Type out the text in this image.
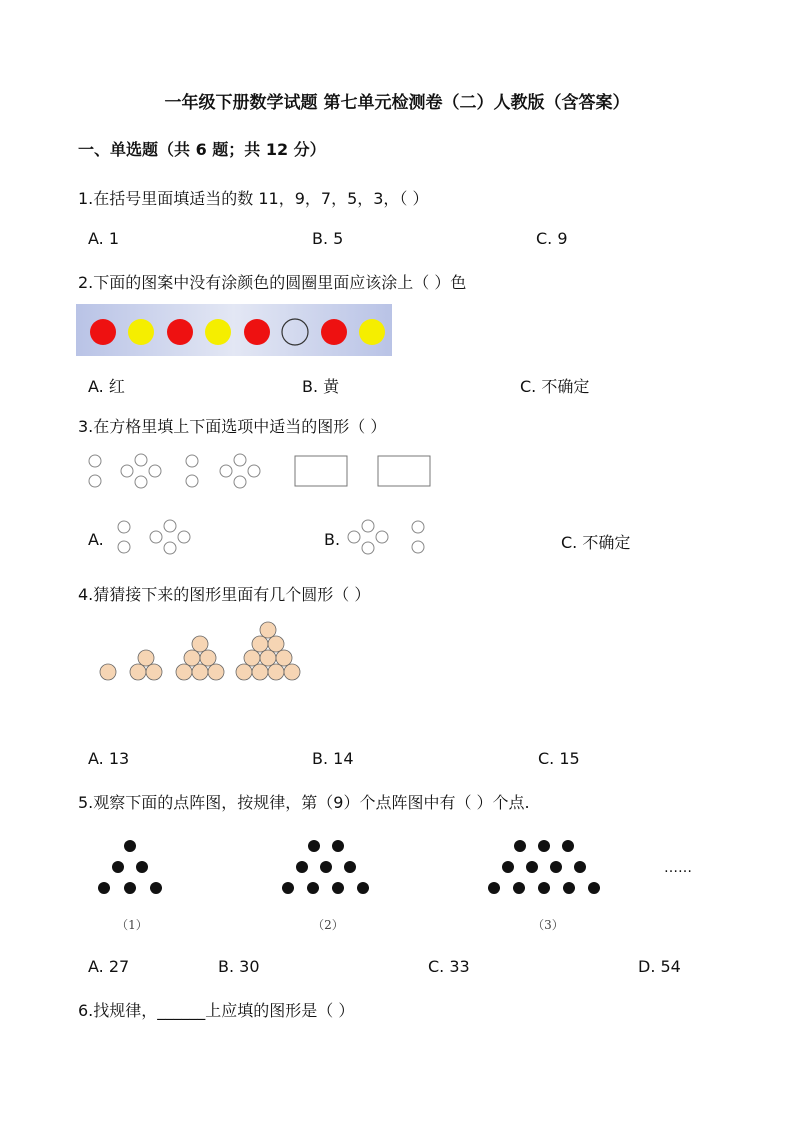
一年级下册数学试题 第七单元检测卷（二）人教版（含答案）
一、单选题（共 6 题；共 12 分）
1.在括号里面填适当的数 11，9，7，5，3，（ ）
A. 1	B. 5	C. 9
2.下面的图案中没有涂颜色的圆圈里面应该涂上（ ）色
A. 红	B. 黄	C. 不确定
3.在方格里填上下面选项中适当的图形（ ）
A.	B.	C. 不确定
4.猜猜接下来的图形里面有几个圆形（ ）
A. 13	B. 14	C. 15
5.观察下面的点阵图，按规律，第（9）个点阵图中有（ ）个点.
……
（1）	（2）	（3）
A. 27	B. 30	C. 33	D. 54
6.找规律，______上应填的图形是（ ）
